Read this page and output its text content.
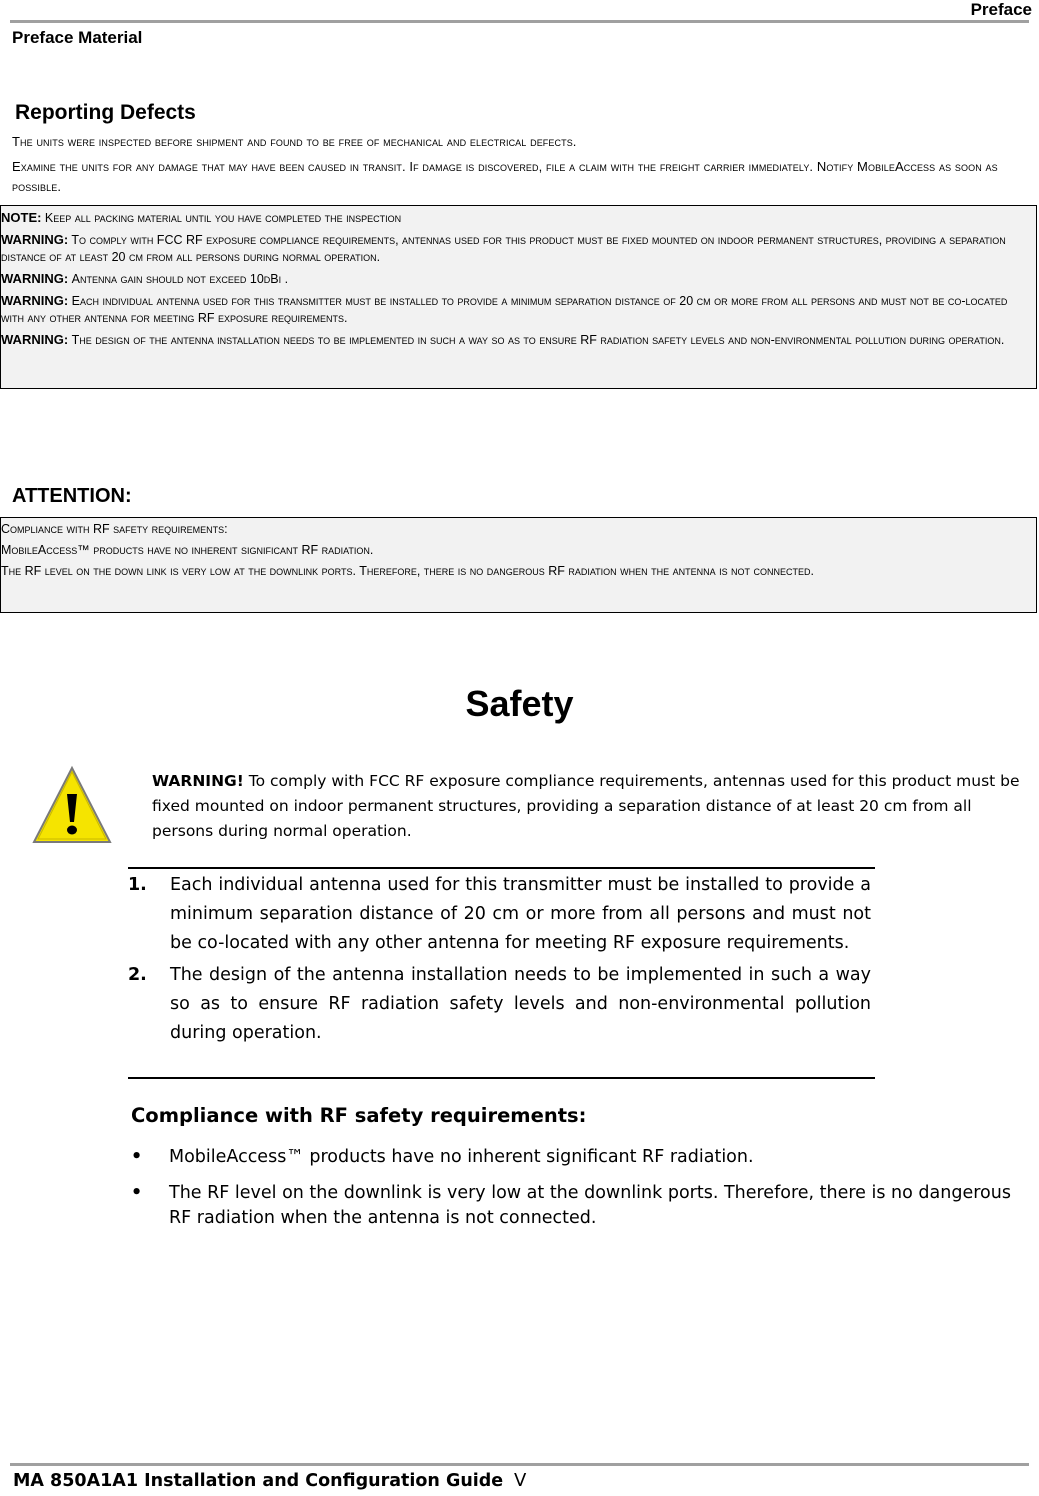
Preface
Preface Material
Reporting Defects
The units were inspected before shipment and found to be free of mechanical and electrical defects.
Examine the units for any damage that may have been caused in transit. If damage is discovered, file a claim with the freight carrier immediately. Notify MobileAccess as soon as possible.

NOTE: Keep all packing material until you have completed the inspection

WARNING: To comply with FCC RF exposure compliance requirements, antennas used for this product must be fixed mounted on indoor permanent structures, providing a separation distance of at least 20 cm from all persons during normal operation.

WARNING: Antenna gain should not exceed 10dBi .

WARNING: Each individual antenna used for this transmitter must be installed to provide a minimum separation distance of 20 cm or more from all persons and must not be co-located with any other antenna for meeting RF exposure requirements.

WARNING: The design of the antenna installation needs to be implemented in such a way so as to ensure RF radiation safety levels and non-environmental pollution during operation.

ATTENTION:

Compliance with RF safety requirements:

MobileAccess™ products have no inherent significant RF radiation.

The RF level on the down link is very low at the downlink ports. Therefore, there is no dangerous RF radiation when the antenna is not connected.

Safety
WARNING! To comply with FCC RF exposure compliance requirements, antennas used for this product must be fixed mounted on indoor permanent structures, providing a separation distance of at least 20 cm from all persons during normal operation.
1.	Each individual antenna used for this transmitter must be installed to provide a minimum separation distance of 20 cm or more from all persons and must not be co-located with any other antenna for meeting RF exposure requirements.
2.	The design of the antenna installation needs to be implemented in such a way so as to ensure RF radiation safety levels and non-environmental pollution during operation.
Compliance with RF safety requirements:
•	MobileAccess™ products have no inherent significant RF radiation.
•	The RF level on the downlink is very low at the downlink ports. Therefore, there is no dangerous RF radiation when the antenna is not connected.
MA 850A1A1 Installation and Configuration Guide V
